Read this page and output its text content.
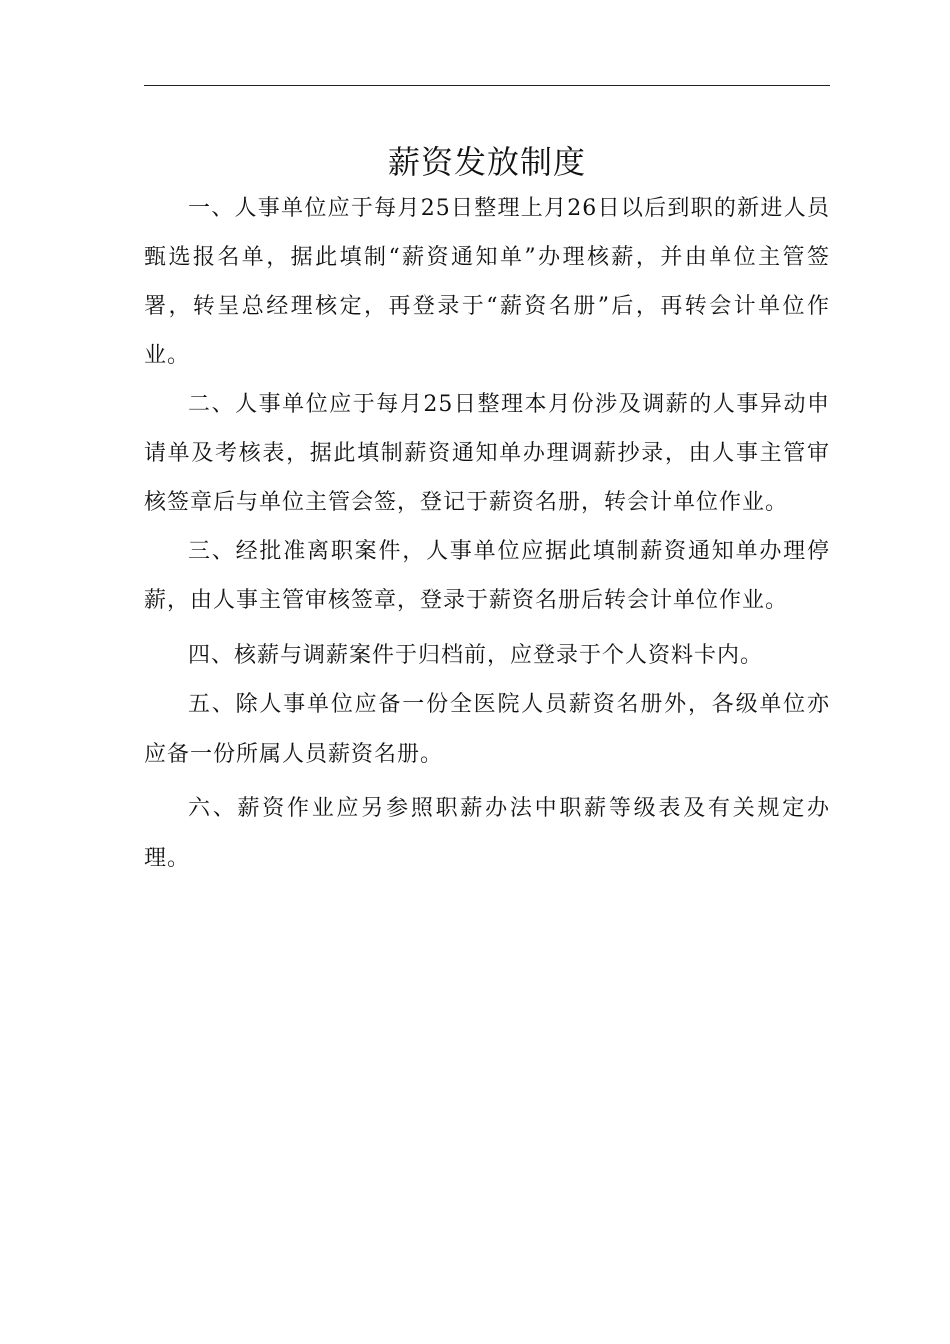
薪资发放制度

一、人事单位应于每月25日整理上月26日以后到职的新进人员甄选报名单，据此填制“薪资通知单”办理核薪，并由单位主管签署，转呈总经理核定，再登录于“薪资名册”后，再转会计单位作业。

二、人事单位应于每月25日整理本月份涉及调薪的人事异动申请单及考核表，据此填制薪资通知单办理调薪抄录，由人事主管审核签章后与单位主管会签，登记于薪资名册，转会计单位作业。

三、经批准离职案件，人事单位应据此填制薪资通知单办理停薪，由人事主管审核签章，登录于薪资名册后转会计单位作业。

四、核薪与调薪案件于归档前，应登录于个人资料卡内。

五、除人事单位应备一份全医院人员薪资名册外，各级单位亦应备一份所属人员薪资名册。

六、薪资作业应另参照职薪办法中职薪等级表及有关规定办理。
